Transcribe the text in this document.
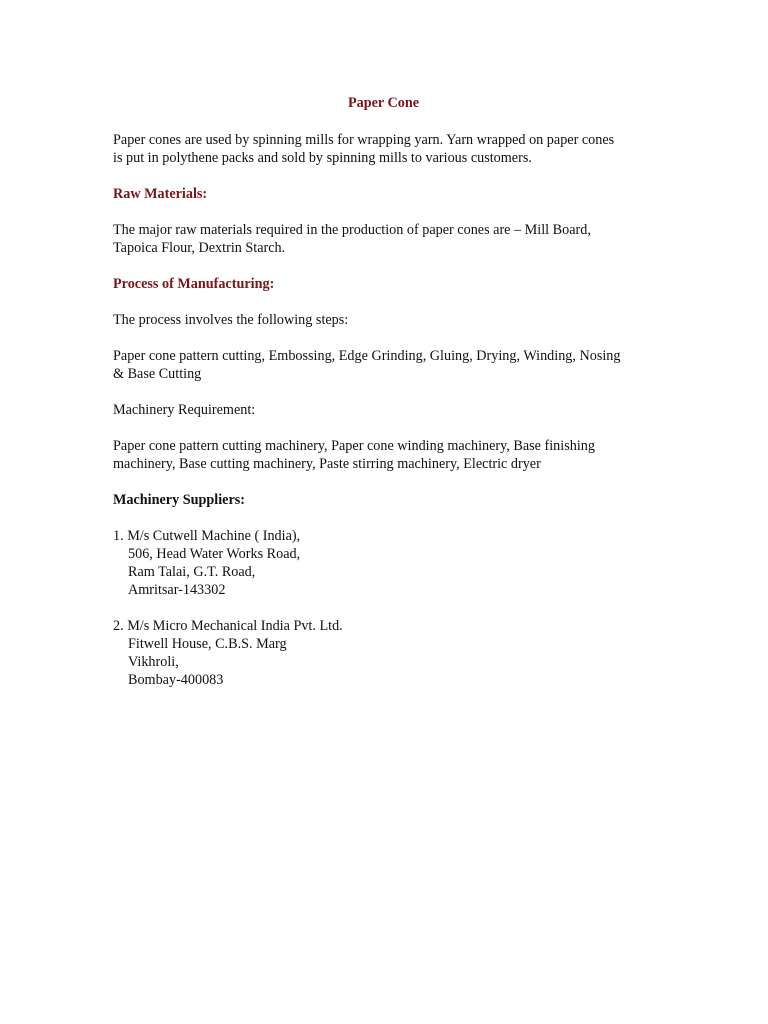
Paper Cone

Paper cones are used by spinning mills for wrapping yarn. Yarn wrapped on paper cones

is put in polythene packs and sold by spinning mills to various customers.

Raw Materials:

The major raw materials required in the production of paper cones are – Mill Board,

Tapoica Flour, Dextrin Starch.

Process of Manufacturing:

The process involves the following steps:

Paper cone pattern cutting, Embossing, Edge Grinding, Gluing, Drying, Winding, Nosing

& Base Cutting

Machinery Requirement:

Paper cone pattern cutting machinery, Paper cone winding machinery, Base finishing

machinery, Base cutting machinery, Paste stirring machinery, Electric dryer

Machinery Suppliers:

1. M/s Cutwell Machine ( India),
506, Head Water Works Road,
Ram Talai, G.T. Road,
Amritsar-143302
2. M/s Micro Mechanical India Pvt. Ltd.
Fitwell House, C.B.S. Marg
Vikhroli,
Bombay-400083
